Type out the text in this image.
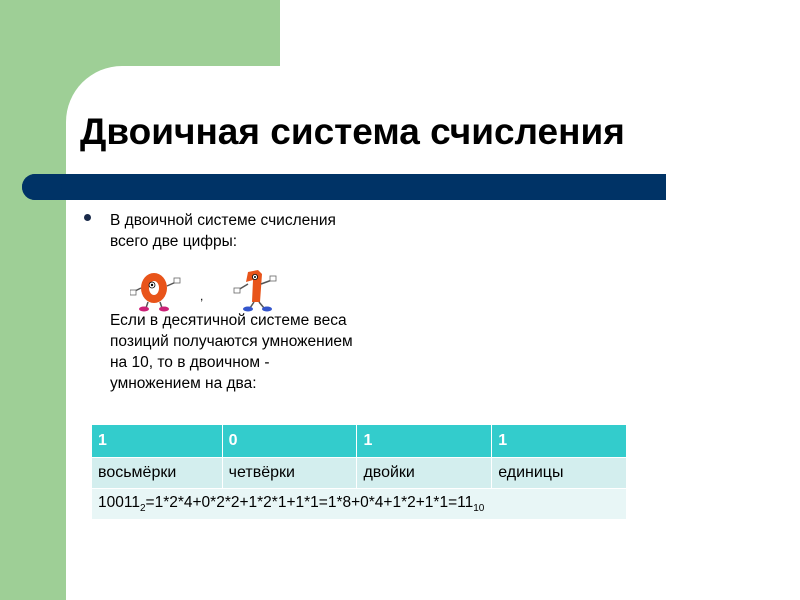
Двоичная система счисления
В двоичной системе счисления
всего две цифры:
,
Если в десятичной системе веса
позиций получаются умножением
на 10, то в двоичном -
умножением на два:
1	0	1	1
восьмёрки	четвёрки	двойки	единицы
$10011_2=1*2*4+0*2*2+1*2*1+1*1=1*8+0*4+1*2+1*1=11_{10}$
